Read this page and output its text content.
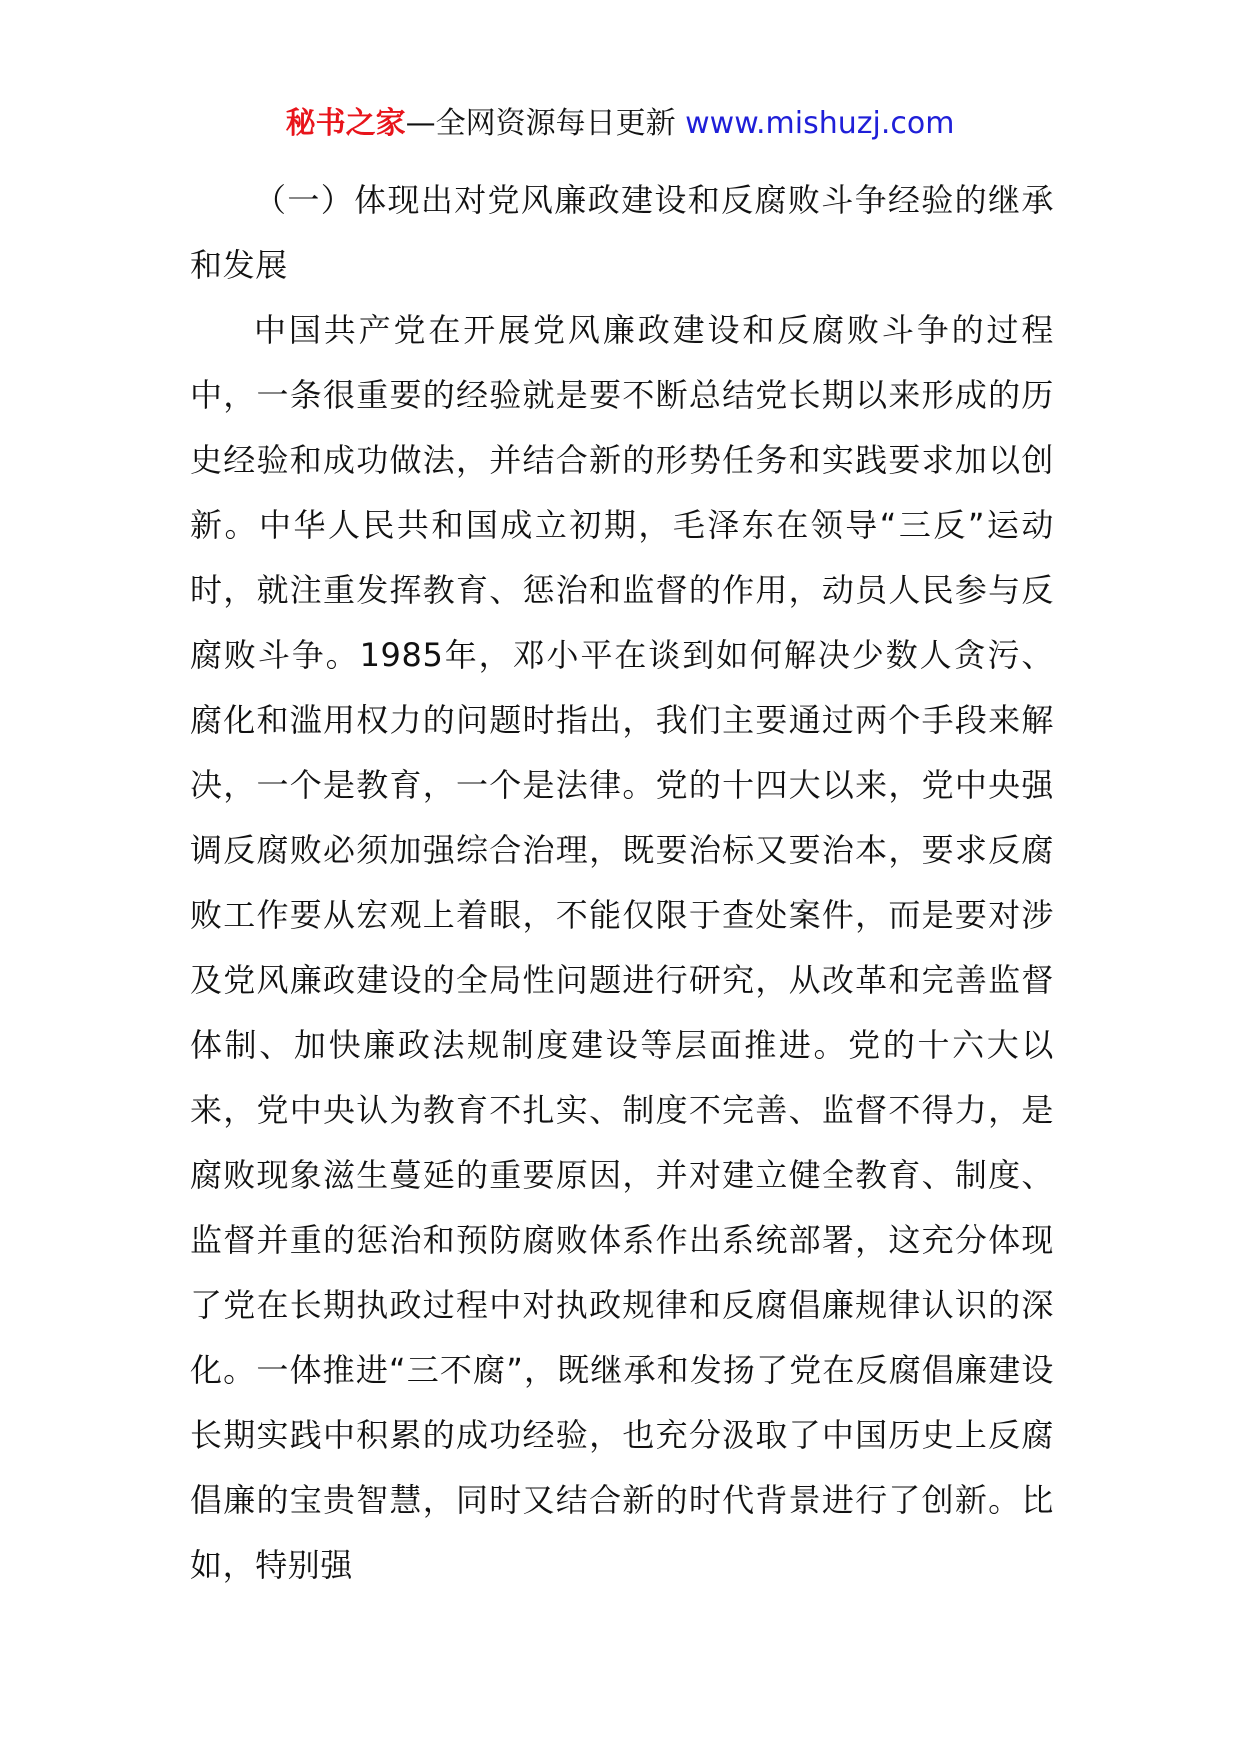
秘书之家—全网资源每日更新 www.mishuzj.com

（一）体现出对党风廉政建设和反腐败斗争经验的继承和发展

中国共产党在开展党风廉政建设和反腐败斗争的过程中，一条很重要的经验就是要不断总结党长期以来形成的历史经验和成功做法，并结合新的形势任务和实践要求加以创新。中华人民共和国成立初期，毛泽东在领导“三反”运动时，就注重发挥教育、惩治和监督的作用，动员人民参与反腐败斗争。1985年，邓小平在谈到如何解决少数人贪污、腐化和滥用权力的问题时指出，我们主要通过两个手段来解决，一个是教育，一个是法律。党的十四大以来，党中央强调反腐败必须加强综合治理，既要治标又要治本，要求反腐败工作要从宏观上着眼，不能仅限于查处案件，而是要对涉及党风廉政建设的全局性问题进行研究，从改革和完善监督体制、加快廉政法规制度建设等层面推进。党的十六大以来，党中央认为教育不扎实、制度不完善、监督不得力，是腐败现象滋生蔓延的重要原因，并对建立健全教育、制度、监督并重的惩治和预防腐败体系作出系统部署，这充分体现了党在长期执政过程中对执政规律和反腐倡廉规律认识的深化。一体推进“三不腐”，既继承和发扬了党在反腐倡廉建设长期实践中积累的成功经验，也充分汲取了中国历史上反腐倡廉的宝贵智慧，同时又结合新的时代背景进行了创新。比如，特别强
